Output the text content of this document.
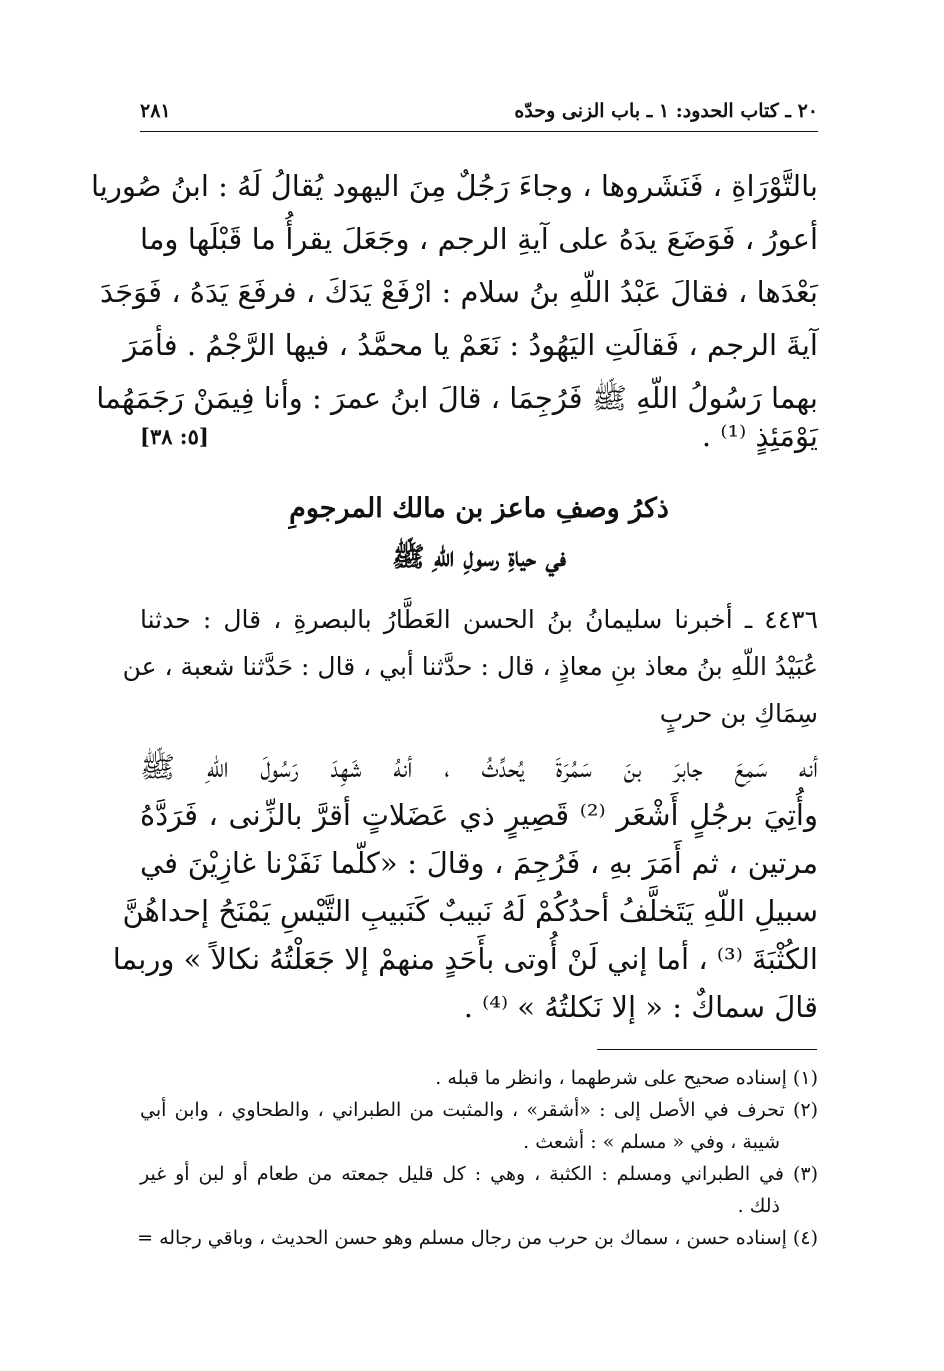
٢٠ ـ كتاب الحدود: ١ ـ باب الزنى وحدّه
٢٨١
بالتَّوْرَاةِ ، فَنَشَروها ، وجاءَ رَجُلٌ مِنَ اليهود يُقالُ لَهُ : ابنُ صُوريا
أعورُ ، فَوَضَعَ يدَهُ على آيةِ الرجم ، وجَعَلَ يقرأُ ما قَبْلَها وما
بَعْدَها ، فقالَ عَبْدُ اللّهِ بنُ سلام : ارْفَعْ يَدَكَ ، فرفَعَ يَدَهُ ، فَوَجَدَ
آيةَ الرجم ، فَقالَتِ اليَهُودُ : نَعَمْ يا محمَّدُ ، فيها الرَّجْمُ . فأمَرَ
بهما رَسُولُ اللّهِ ﷺ فَرُجِمَا ، قالَ ابنُ عمرَ : وأنا فِيمَنْ رَجَمَهُما
يَوْمَئِذٍ ⁽¹⁾ .
[٥: ٣٨]
ذكرُ وصفِ ماعز بن مالك المرجومِ
في حياةِ رسولِ اللّهِ ﷺ
٤٤٣٦ ـ أخبرنا سليمانُ بنُ الحسن العَطَّارُ بالبصرةِ ، قال : حدثنا
عُبَيْدُ اللّهِ بنُ معاذ بنِ معاذٍ ، قال : حدَّثنا أبي ، قال : حَدَّثنا شعبة ، عن
سِمَاكِ بن حربٍ
أنه سَمِعَ جابرَ بنَ سَمُرَةَ يُحدِّثُ ، أنهُ شَهِدَ رَسُولَ اللّهِ ﷺ
وأُتِيَ برجُلٍ أَشْعَر ⁽²⁾ قَصِيرٍ ذي عَضَلاتٍ أقرَّ بالزِّنى ، فَرَدَّهُ
مرتين ، ثم أَمَرَ بهِ ، فَرُجِمَ ، وقالَ : «كلّما نَفَرْنا غازِيْنَ في
سبيلِ اللّهِ يَتَخلَّفُ أحدُكُمْ لَهُ نَبيبٌ كَنَبيبِ التَّيْسِ يَمْنَحُ إحداهُنَّ
الكُثْبَةَ ⁽³⁾ ، أما إني لَنْ أُوتى بأَحَدٍ منهمْ إلا جَعَلْتُهُ نكالاً » وربما
قالَ سماكٌ : « إلا نَكلتُهُ » ⁽⁴⁾ .
(١) إسناده صحيح على شرطهما ، وانظر ما قبله .
(٢) تحرف في الأصل إلى : «أشقر» ، والمثبت من الطبراني ، والطحاوي ، وابن أبي
شيبة ، وفي « مسلم » : أشعث .
(٣) في الطبراني ومسلم : الكثبة ، وهي : كل قليل جمعته من طعام أو لبن أو غير
ذلك .
(٤) إسناده حسن ، سماك بن حرب من رجال مسلم وهو حسن الحديث ، وباقي رجاله =
